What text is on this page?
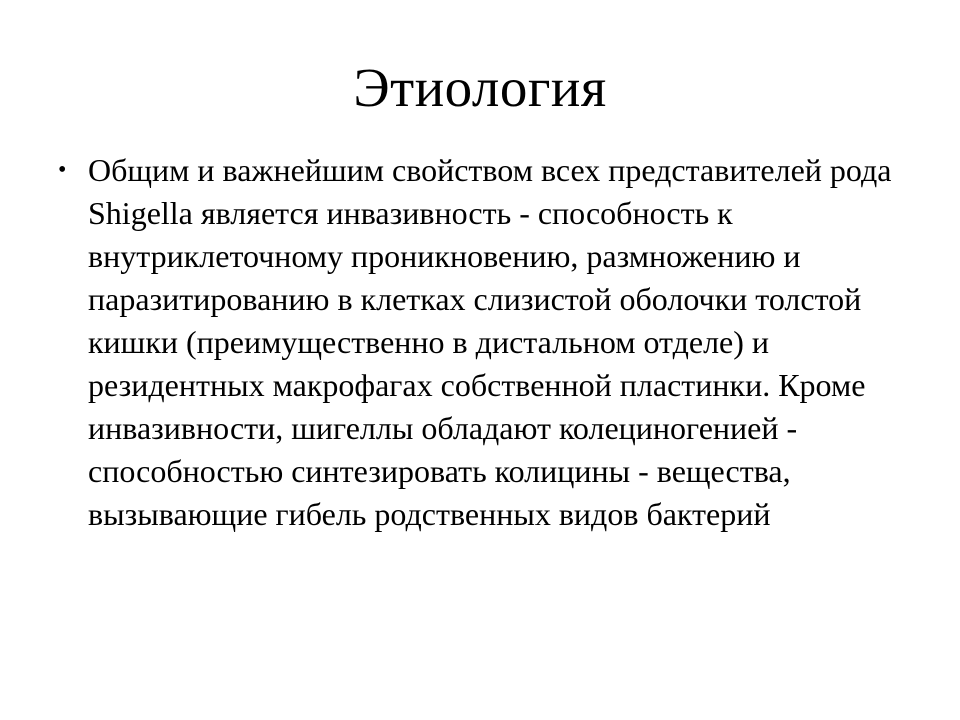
Этиология
• Общим и важнейшим свойством всех представителей рода Shigella является инвазивность - способность к внутриклеточному проникновению, размножению и паразитированию в клетках слизистой оболочки толстой кишки (преимущественно в дистальном отделе) и резидентных макрофагах собственной пластинки. Кроме инвазивности, шигеллы обладают колециногенией - способностью синтезировать колицины - вещества, вызывающие гибель родственных видов бактерий
